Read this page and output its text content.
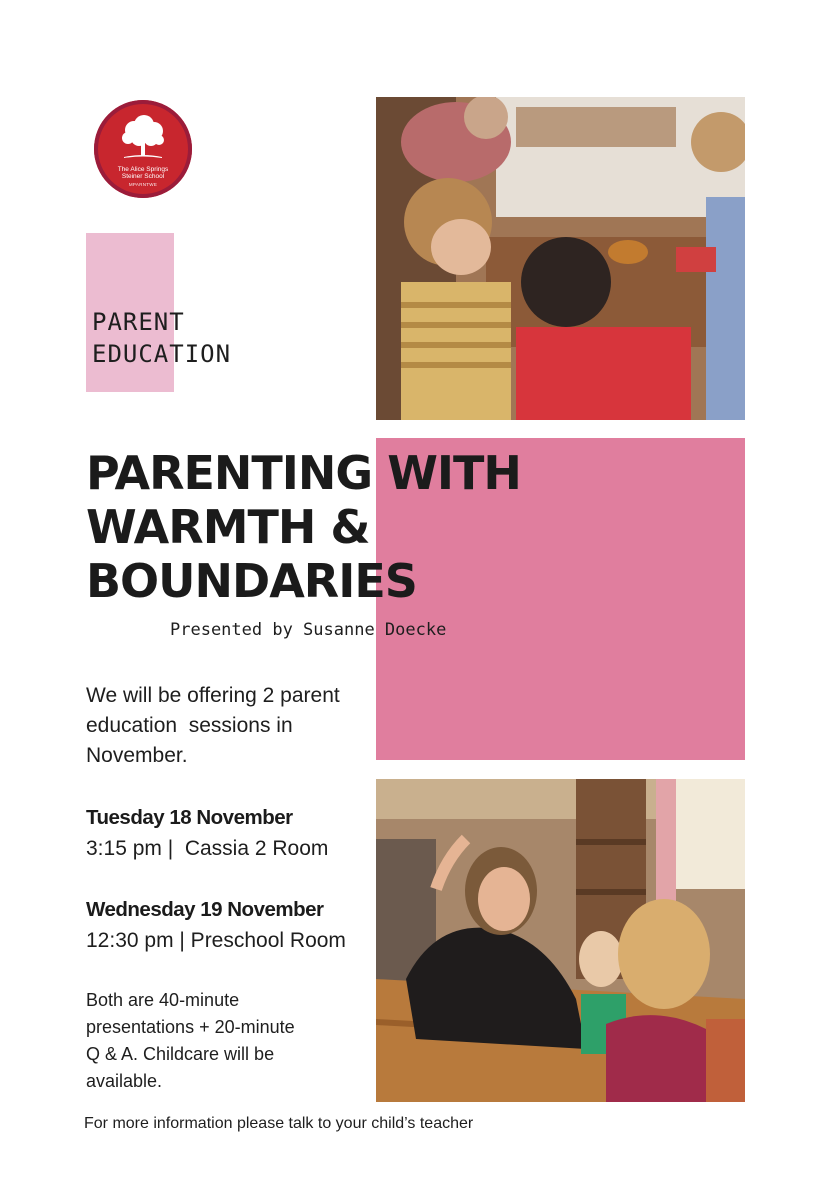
The Alice Springs
Steiner School
MPARNTWE
PARENT
EDUCATION
PARENTING WITH
WARMTH &
BOUNDARIES
Presented by Susanne Doecke
We will be offering 2 parent
education  sessions in
November.
Tuesday 18 November
3:15 pm |  Cassia 2 Room
Wednesday 19 November
12:30 pm | Preschool Room
Both are 40-minute
presentations + 20-minute
Q & A. Childcare will be
available.
For more information please talk to your child’s teacher
